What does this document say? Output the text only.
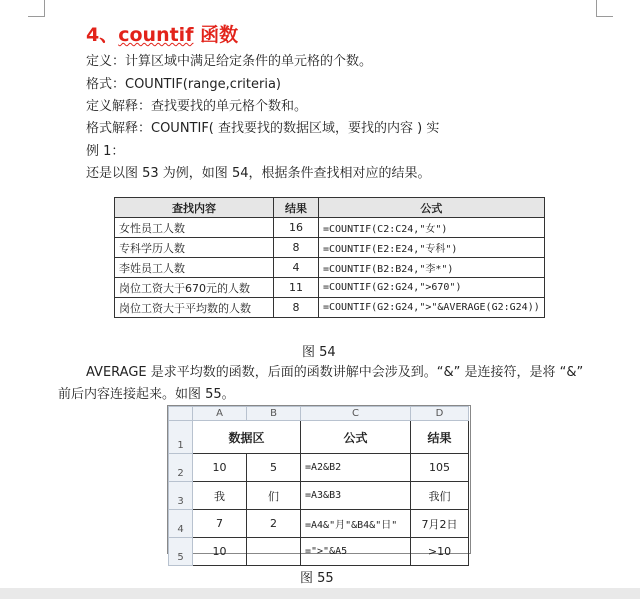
4、countif 函数

定义：计算区域中满足给定条件的单元格的个数。

格式：COUNTIF(range,criteria)

定义解释：查找要找的单元格个数和。

格式解释：COUNTIF( 查找要找的数据区域，要找的内容 ) 实

例 1：

还是以图 53 为例，如图 54，根据条件查找相对应的结果。

查找内容	结果	公式
女性员工人数	16	=COUNTIF(C2:C24,"女")
专科学历人数	8	=COUNTIF(E2:E24,"专科")
李姓员工人数	4	=COUNTIF(B2:B24,"李*")
岗位工资大于670元的人数	11	=COUNTIF(G2:G24,">670")
岗位工资大于平均数的人数	8	=COUNTIF(G2:G24,">"&AVERAGE(G2:G24))

图 54

AVERAGE 是求平均数的函数，后面的函数讲解中会涉及到。“&” 是连接符，是将 “&”

前后内容连接起来。如图 55。

	A	B	C	D
1	数据区		公式	结果
2	10	5	=A2&B2	105
3	我	们	=A3&B3	我们
4	7	2	=A4&"月"&B4&"日"	7月2日
5	10		=">"&A5	>10

图 55
